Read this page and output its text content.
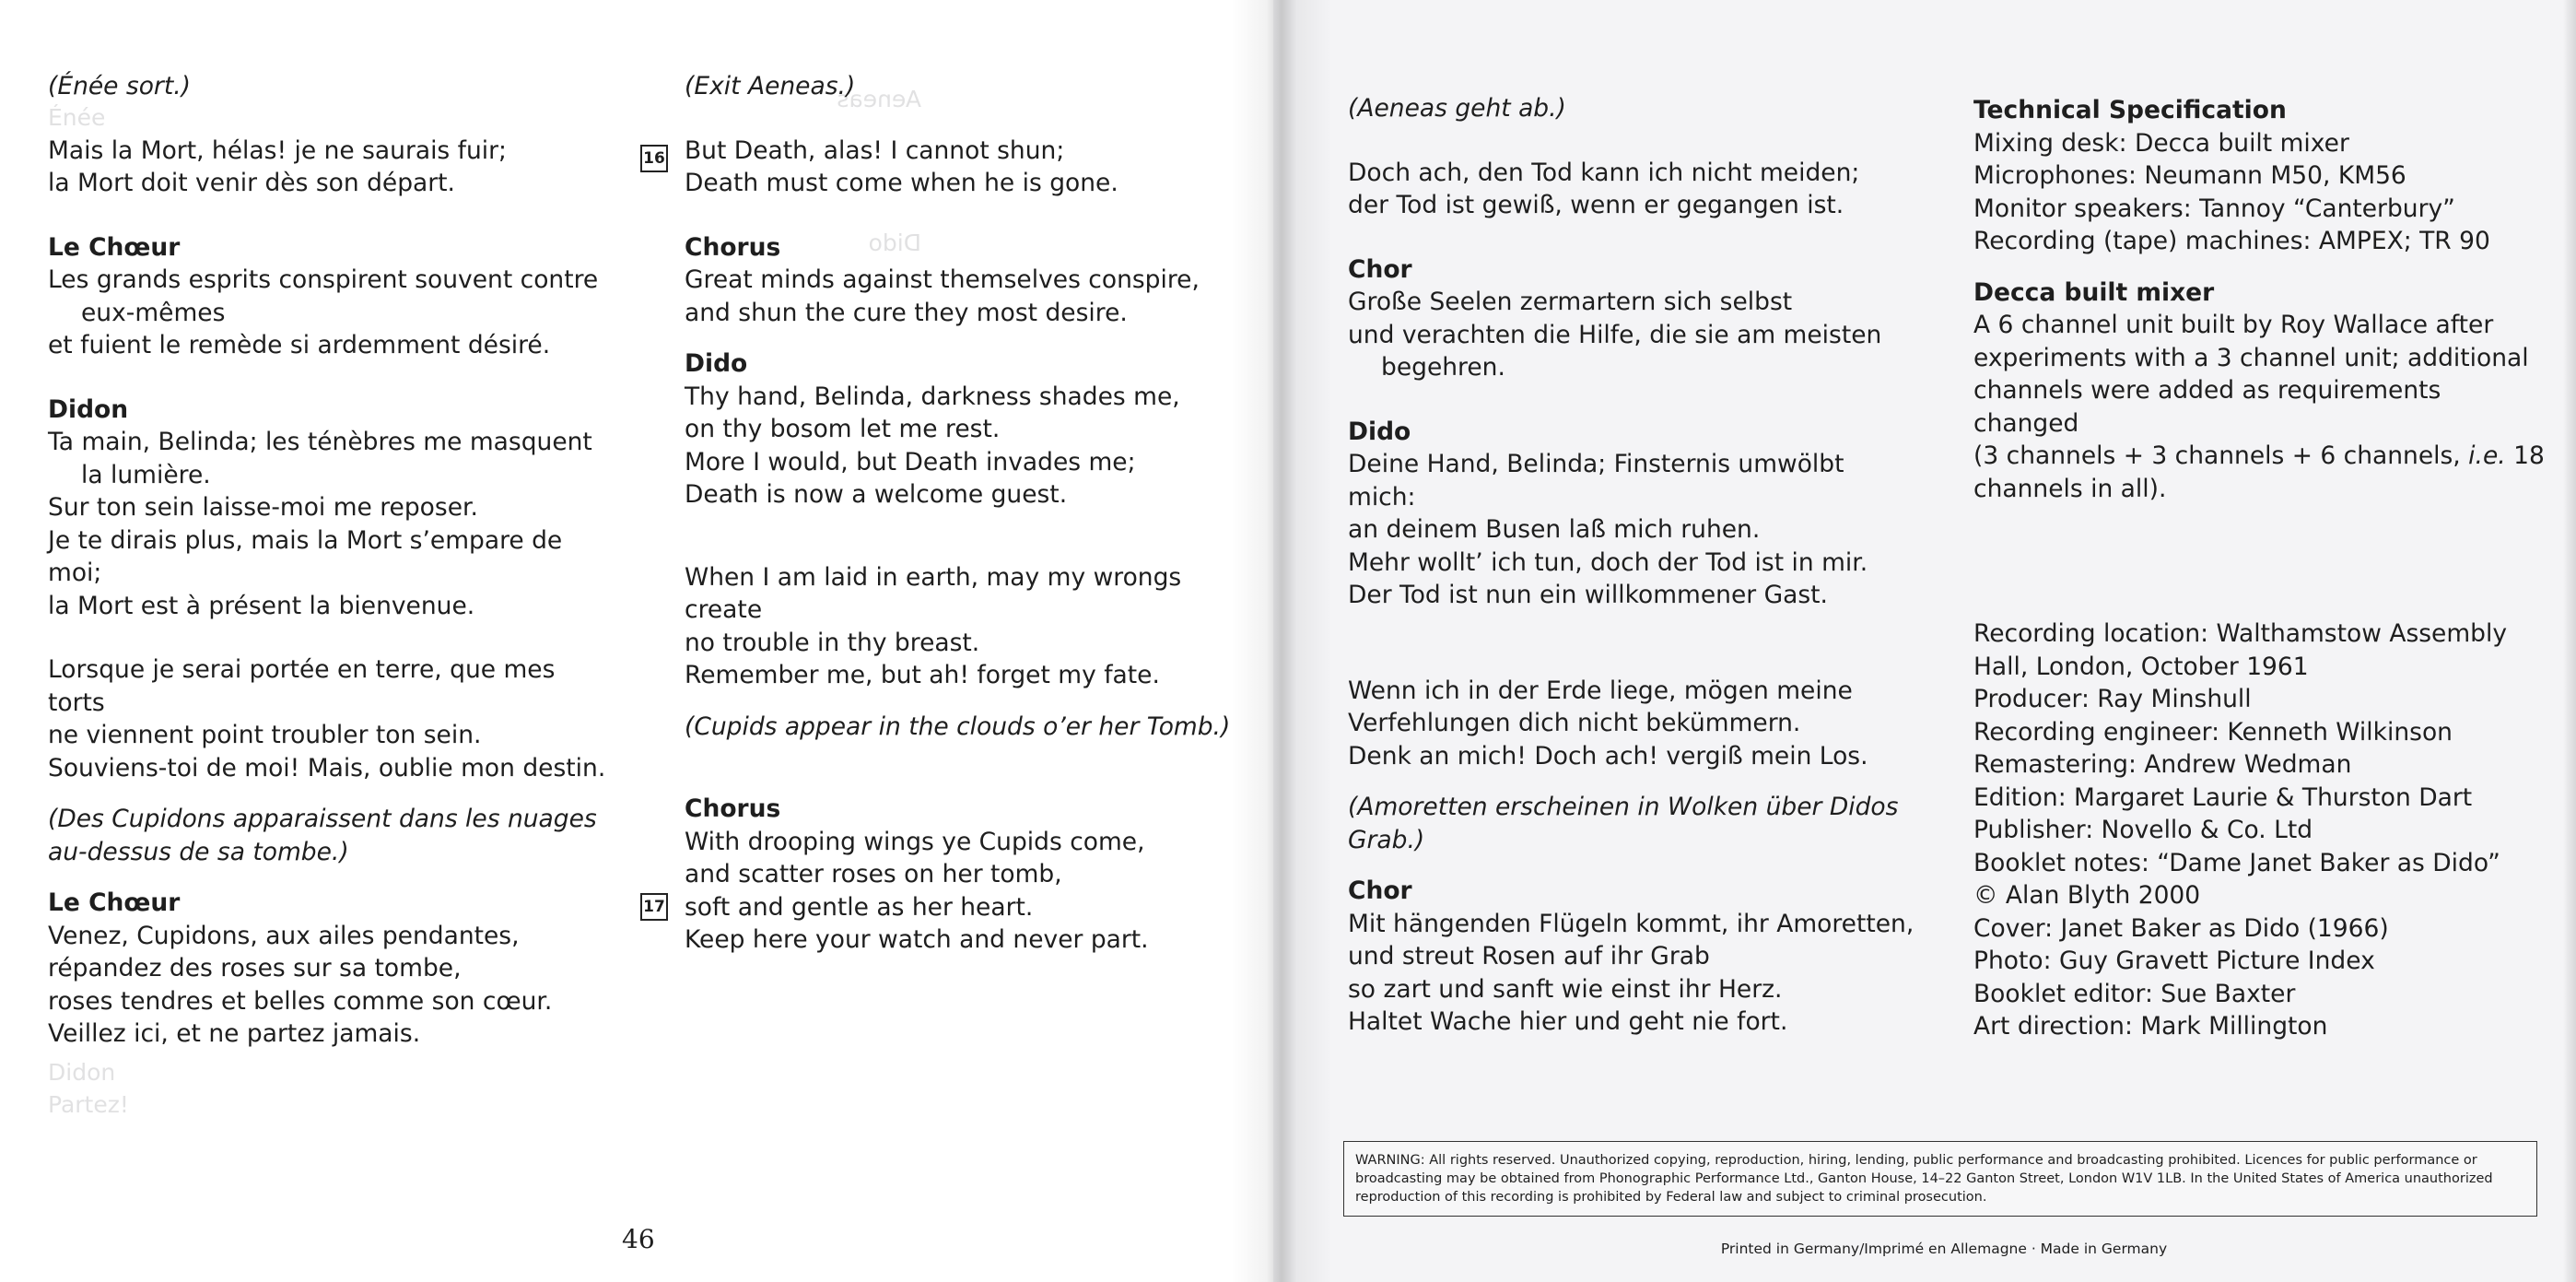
Énée
Didon
Partez!
Aeneas
Dido

(Énée sort.)

Mais la Mort, hélas! je ne saurais fuir;

la Mort doit venir dès son départ.

Le Chœur

Les grands esprits conspirent souvent contre

eux-mêmes

et fuient le remède si ardemment désiré.

Didon

Ta main, Belinda; les ténèbres me masquent

la lumière.

Sur ton sein laisse-moi me reposer.

Je te dirais plus, mais la Mort s’empare de moi;

la Mort est à présent la bienvenue.

Lorsque je serai portée en terre, que mes torts

ne viennent point troubler ton sein.

Souviens-toi de moi! Mais, oublie mon destin.

(Des Cupidons apparaissent dans les nuages

au-dessus de sa tombe.)

Le Chœur

Venez, Cupidons, aux ailes pendantes,

répandez des roses sur sa tombe,

roses tendres et belles comme son cœur.

Veillez ici, et ne partez jamais.

16
17

(Exit Aeneas.)

But Death, alas! I cannot shun;

Death must come when he is gone.

Chorus

Great minds against themselves conspire,

and shun the cure they most desire.

Dido

Thy hand, Belinda, darkness shades me,

on thy bosom let me rest.

More I would, but Death invades me;

Death is now a welcome guest.

When I am laid in earth, may my wrongs create

no trouble in thy breast.

Remember me, but ah! forget my fate.

(Cupids appear in the clouds o’er her Tomb.)

Chorus

With drooping wings ye Cupids come,

and scatter roses on her tomb,

soft and gentle as her heart.

Keep here your watch and never part.

46

(Aeneas geht ab.)

Doch ach, den Tod kann ich nicht meiden;

der Tod ist gewiß, wenn er gegangen ist.

Chor

Große Seelen zermartern sich selbst

und verachten die Hilfe, die sie am meisten

begehren.

Dido

Deine Hand, Belinda; Finsternis umwölbt mich:

an deinem Busen laß mich ruhen.

Mehr wollt’ ich tun, doch der Tod ist in mir.

Der Tod ist nun ein willkommener Gast.

Wenn ich in der Erde liege, mögen meine

Verfehlungen dich nicht bekümmern.

Denk an mich! Doch ach! vergiß mein Los.

(Amoretten erscheinen in Wolken über Didos

Grab.)

Chor

Mit hängenden Flügeln kommt, ihr Amoretten,

und streut Rosen auf ihr Grab

so zart und sanft wie einst ihr Herz.

Haltet Wache hier und geht nie fort.

Technical Specification

Mixing desk: Decca built mixer

Microphones: Neumann M50, KM56

Monitor speakers: Tannoy “Canterbury”

Recording (tape) machines: AMPEX; TR 90

Decca built mixer

A 6 channel unit built by Roy Wallace after

experiments with a 3 channel unit; additional

channels were added as requirements changed

(3 channels + 3 channels + 6 channels, i.e. 18

channels in all).

Recording location: Walthamstow Assembly

Hall, London, October 1961

Producer: Ray Minshull

Recording engineer: Kenneth Wilkinson

Remastering: Andrew Wedman

Edition: Margaret Laurie & Thurston Dart

Publisher: Novello & Co. Ltd

Booklet notes: “Dame Janet Baker as Dido”

© Alan Blyth 2000

Cover: Janet Baker as Dido (1966)

Photo: Guy Gravett Picture Index

Booklet editor: Sue Baxter

Art direction: Mark Millington

WARNING: All rights reserved. Unauthorized copying, reproduction, hiring, lending, public performance and broadcasting prohibited. Licences for public performance or broadcasting may be obtained from Phonographic Performance Ltd., Ganton House, 14–22 Ganton Street, London W1V 1LB. In the United States of America unauthorized reproduction of this recording is prohibited by Federal law and subject to criminal prosecution.
Printed in Germany/Imprimé en Allemagne · Made in Germany
